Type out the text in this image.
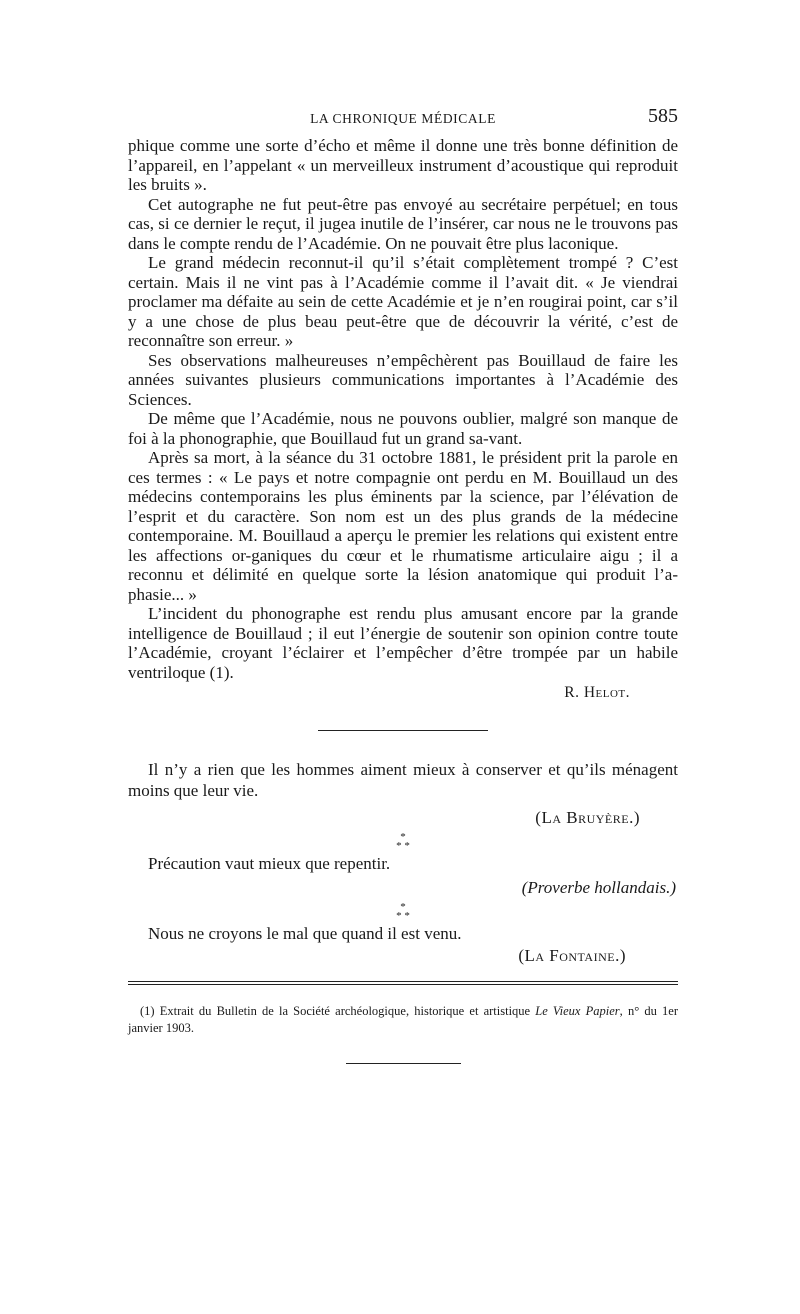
LA CHRONIQUE MÉDICALE	585

phique comme une sorte d’écho et même il donne une très bonne définition de l’appareil, en l’appelant « un merveilleux instrument d’acoustique qui reproduit les bruits ».

Cet autographe ne fut peut-être pas envoyé au secrétaire perpétuel; en tous cas, si ce dernier le reçut, il jugea inutile de l’insérer, car nous ne le trouvons pas dans le compte rendu de l’Académie. On ne pouvait être plus laconique.

Le grand médecin reconnut-il qu’il s’était complètement trompé ? C’est certain. Mais il ne vint pas à l’Académie comme il l’avait dit. « Je viendrai proclamer ma défaite au sein de cette Académie et je n’en rougirai point, car s’il y a une chose de plus beau peut-être que de découvrir la vérité, c’est de reconnaître son erreur. »

Ses observations malheureuses n’empêchèrent pas Bouillaud de faire les années suivantes plusieurs communications importantes à l’Académie des Sciences.

De même que l’Académie, nous ne pouvons oublier, malgré son manque de foi à la phonographie, que Bouillaud fut un grand sa-vant.

Après sa mort, à la séance du 31 octobre 1881, le président prit la parole en ces termes : « Le pays et notre compagnie ont perdu en M. Bouillaud un des médecins contemporains les plus éminents par la science, par l’élévation de l’esprit et du caractère. Son nom est un des plus grands de la médecine contemporaine. M. Bouillaud a aperçu le premier les relations qui existent entre les affections or-ganiques du cœur et le rhumatisme articulaire aigu ; il a reconnu et délimité en quelque sorte la lésion anatomique qui produit l’a-phasie... »

L’incident du phonographe est rendu plus amusant encore par la grande intelligence de Bouillaud ; il eut l’énergie de soutenir son opinion contre toute l’Académie, croyant l’éclairer et l’empêcher d’être trompée par un habile ventriloque (1).

R. Helot.

Il n’y a rien que les hommes aiment mieux à conserver et qu’ils ménagent moins que leur vie.

(La Bruyère.)

*
* *

Précaution vaut mieux que repentir.

(Proverbe hollandais.)

*
* *

Nous ne croyons le mal que quand il est venu.

(La Fontaine.)

(1) Extrait du Bulletin de la Société archéologique, historique et artistique Le Vieux Papier, n° du 1er janvier 1903.
